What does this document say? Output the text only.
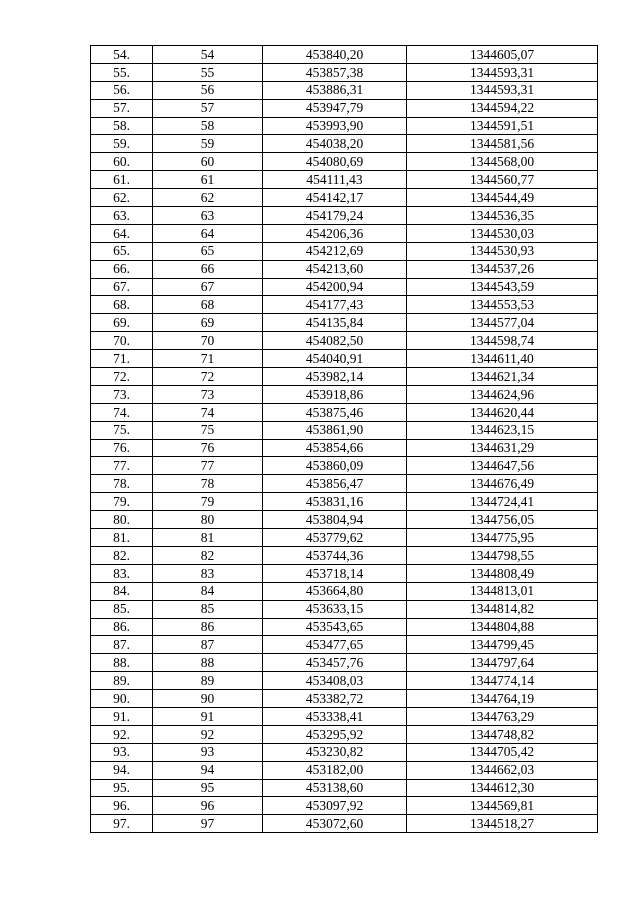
54.	54	453840,20	1344605,07
55.	55	453857,38	1344593,31
56.	56	453886,31	1344593,31
57.	57	453947,79	1344594,22
58.	58	453993,90	1344591,51
59.	59	454038,20	1344581,56
60.	60	454080,69	1344568,00
61.	61	454111,43	1344560,77
62.	62	454142,17	1344544,49
63.	63	454179,24	1344536,35
64.	64	454206,36	1344530,03
65.	65	454212,69	1344530,93
66.	66	454213,60	1344537,26
67.	67	454200,94	1344543,59
68.	68	454177,43	1344553,53
69.	69	454135,84	1344577,04
70.	70	454082,50	1344598,74
71.	71	454040,91	1344611,40
72.	72	453982,14	1344621,34
73.	73	453918,86	1344624,96
74.	74	453875,46	1344620,44
75.	75	453861,90	1344623,15
76.	76	453854,66	1344631,29
77.	77	453860,09	1344647,56
78.	78	453856,47	1344676,49
79.	79	453831,16	1344724,41
80.	80	453804,94	1344756,05
81.	81	453779,62	1344775,95
82.	82	453744,36	1344798,55
83.	83	453718,14	1344808,49
84.	84	453664,80	1344813,01
85.	85	453633,15	1344814,82
86.	86	453543,65	1344804,88
87.	87	453477,65	1344799,45
88.	88	453457,76	1344797,64
89.	89	453408,03	1344774,14
90.	90	453382,72	1344764,19
91.	91	453338,41	1344763,29
92.	92	453295,92	1344748,82
93.	93	453230,82	1344705,42
94.	94	453182,00	1344662,03
95.	95	453138,60	1344612,30
96.	96	453097,92	1344569,81
97.	97	453072,60	1344518,27
